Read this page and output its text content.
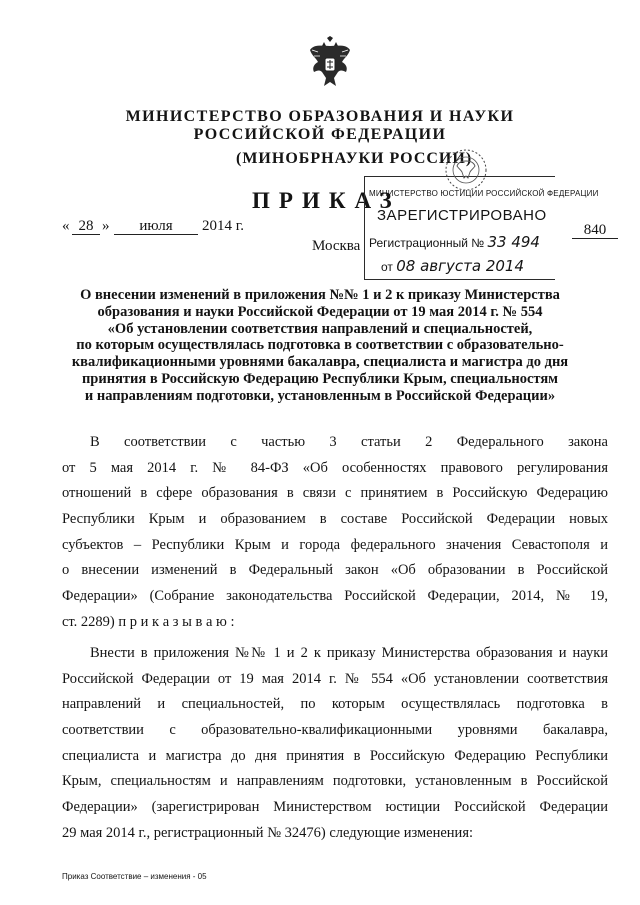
МИНИСТЕРСТВО ОБРАЗОВАНИЯ И НАУКИ
РОССИЙСКОЙ ФЕДЕРАЦИИ
(МИНОБРНАУКИ РОССИИ)
ПРИКАЗ
« 28 »	июля	2014 г.
Москва
840
МИНИСТЕРСТВО ЮСТИЦИИ РОССИЙСКОЙ ФЕДЕРАЦИИ
ЗАРЕГИСТРИРОВАНО
Регистрационный № 33 494
от 08 августа 2014
О внесении изменений в приложения №№ 1 и 2 к приказу Министерства
образования и науки Российской Федерации от 19 мая 2014 г. № 554
«Об установлении соответствия направлений и специальностей,
по которым осуществлялась подготовка в соответствии с образовательно-
квалификационными уровнями бакалавра, специалиста и магистра до дня
принятия в Российскую Федерацию Республики Крым, специальностям
и направлениям подготовки, установленным в Российской Федерации»
В соответствии с частью 3 статьи 2 Федерального закона
от 5 мая 2014 г. № 84-ФЗ «Об особенностях правового регулирования
отношений в сфере образования в связи с принятием в Российскую Федерацию
Республики Крым и образованием в составе Российской Федерации новых
субъектов – Республики Крым и города федерального значения Севастополя и
о внесении изменений в Федеральный закон «Об образовании в Российской
Федерации» (Собрание законодательства Российской Федерации, 2014, № 19,
ст. 2289) п р и к а з ы в а ю :
Внести в приложения №№ 1 и 2 к приказу Министерства образования и науки
Российской Федерации от 19 мая 2014 г. № 554 «Об установлении соответствия
направлений и специальностей, по которым осуществлялась подготовка в
соответствии с образовательно-квалификационными уровнями бакалавра,
специалиста и магистра до дня принятия в Российскую Федерацию Республики
Крым, специальностям и направлениям подготовки, установленным в Российской
Федерации» (зарегистрирован Министерством юстиции Российской Федерации
29 мая 2014 г., регистрационный № 32476) следующие изменения:
Приказ Соответствие – изменения - 05
